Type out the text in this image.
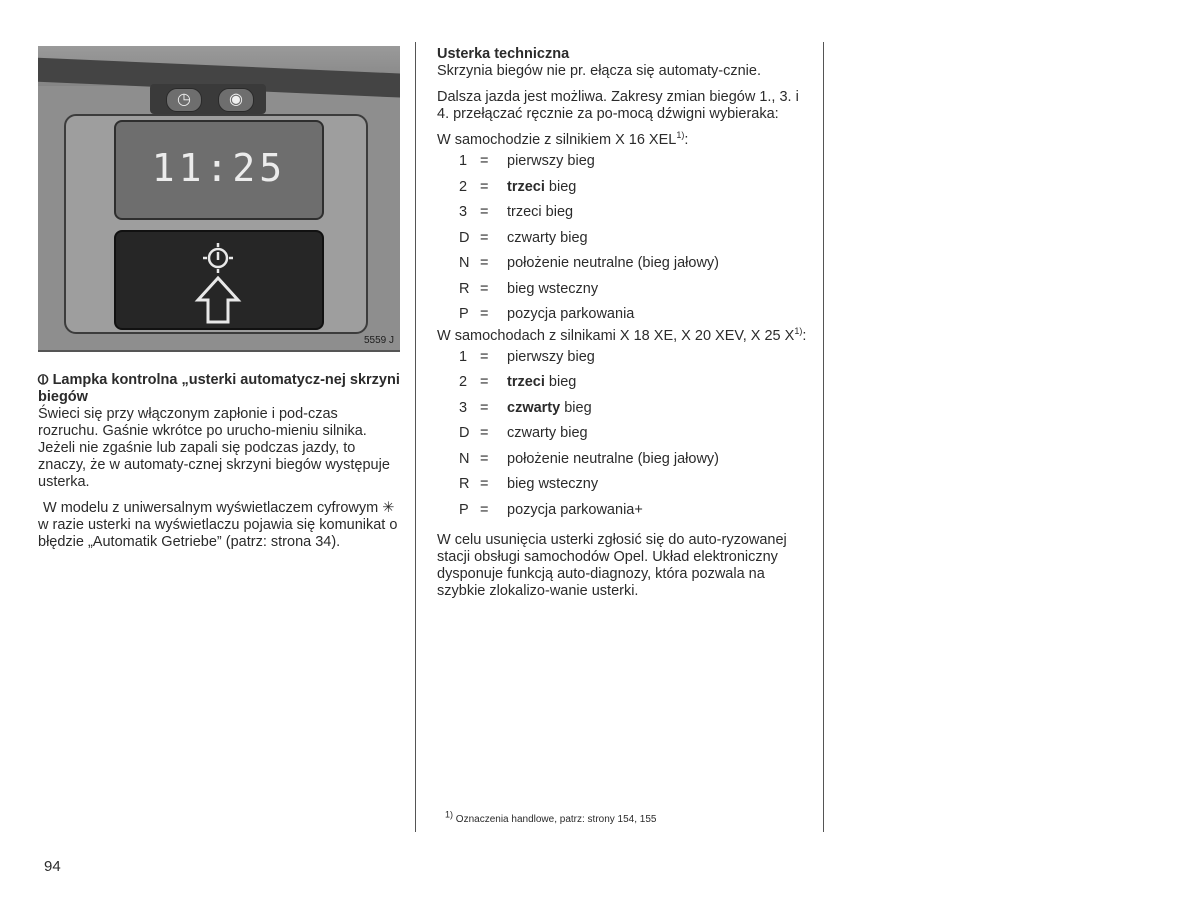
◷	◉
11:25
5559 J

⦶ Lampka kontrolna „usterki automatycz-nej skrzyni biegów

Świeci się przy włączonym zapłonie i pod-czas rozruchu. Gaśnie wkrótce po urucho-mieniu silnika. Jeżeli nie zgaśnie lub zapali się podczas jazdy, to znaczy, że w automaty-cznej skrzyni biegów występuje usterka.

W modelu z uniwersalnym wyświetlaczem cyfrowym ✳ w razie usterki na wyświetlaczu pojawia się komunikat o błędzie „Automatik Getriebe” (patrz: strona 34).

Usterka techniczna

Skrzynia biegów nie pr. ełącza się automaty-cznie.

Dalsza jazda jest możliwa. Zakresy zmian biegów 1., 3. i 4. przełączać ręcznie za po-mocą dźwigni wybieraka:

W samochodzie z silnikiem X 16 XEL$^{1)}$:

1 = pierwszy bieg
2 = trzeci bieg
3 = trzeci bieg
D = czwarty bieg
N = położenie neutralne (bieg jałowy)
R = bieg wsteczny
P = pozycja parkowania

W samochodach z silnikami X 18 XE, X 20 XEV, X 25 $X^{1)}$:

1 = pierwszy bieg
2 = trzeci bieg
3 = czwarty bieg
D = czwarty bieg
N = położenie neutralne (bieg jałowy)
R = bieg wsteczny
P = pozycja parkowania+

W celu usunięcia usterki zgłosić się do auto-ryzowanej stacji obsługi samochodów Opel. Układ elektroniczny dysponuje funkcją auto-diagnozy, która pozwala na szybkie zlokalizo-wanie usterki.

1) Oznaczenia handlowe, patrz: strony 154, 155
94
